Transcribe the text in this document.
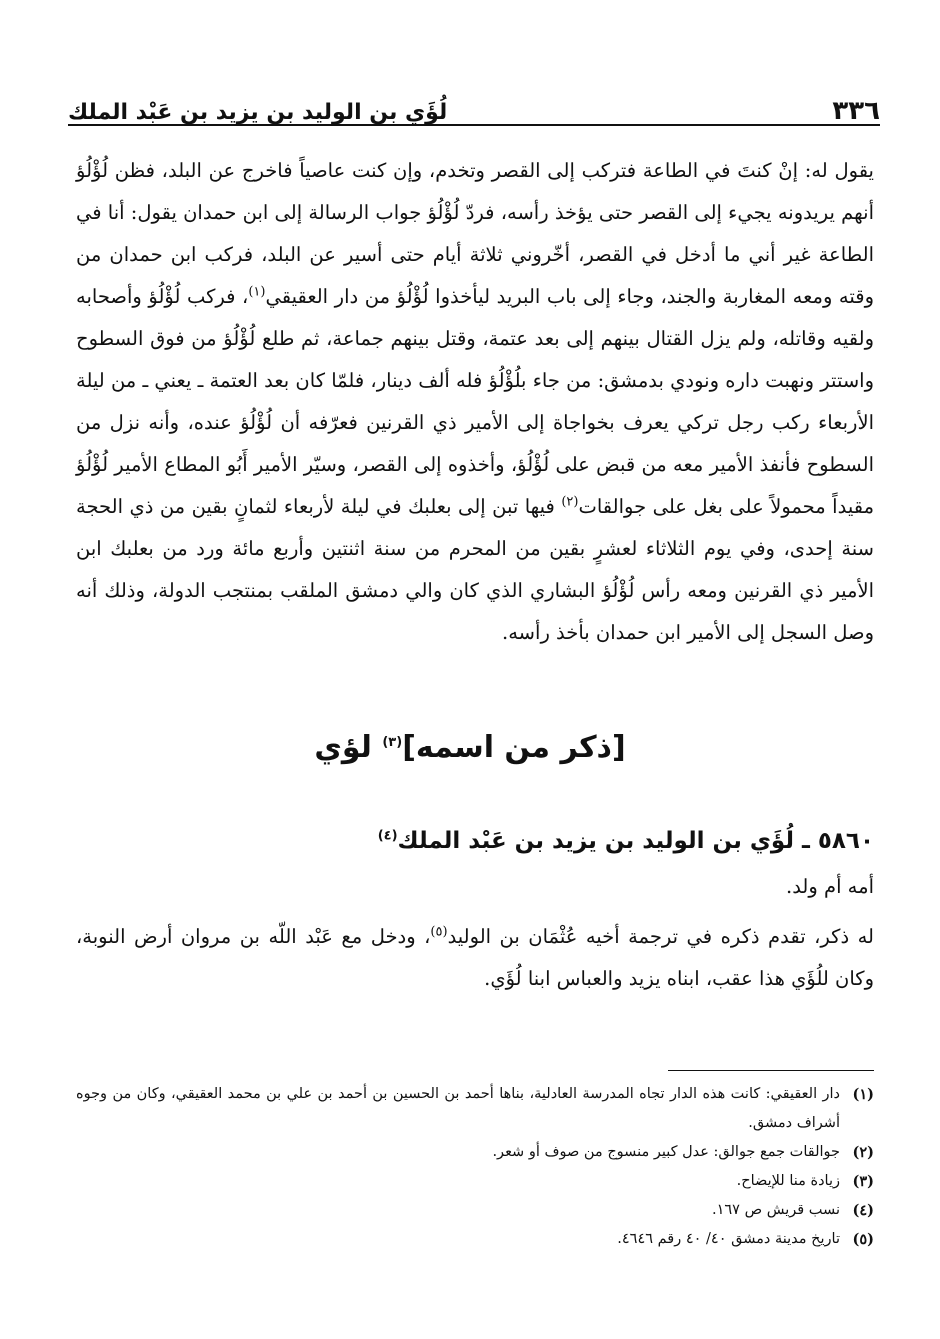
٣٣٦
لُؤَي بن الوليد بن يزيد بن عَبْد الملك

يقول له: إنْ كنتَ في الطاعة فتركب إلى القصر وتخدم، وإن كنت عاصياً فاخرج عن البلد، فظن لُؤْلُؤ أنهم يريدونه يجيء إلى القصر حتى يؤخذ رأسه، فردّ لُؤْلُؤ جواب الرسالة إلى ابن حمدان يقول: أنا في الطاعة غير أني ما أدخل في القصر، أخّروني ثلاثة أيام حتى أسير عن البلد، فركب ابن حمدان من وقته ومعه المغاربة والجند، وجاء إلى باب البريد ليأخذوا لُؤْلُؤ من دار العقيقي$^{(١)}$، فركب لُؤْلُؤ وأصحابه ولقيه وقاتله، ولم يزل القتال بينهم إلى بعد عتمة، وقتل بينهم جماعة، ثم طلع لُؤْلُؤ من فوق السطوح واستتر ونهبت داره ونودي بدمشق: من جاء بلُؤْلُؤ فله ألف دينار، فلمّا كان بعد العتمة ـ يعني ـ من ليلة الأربعاء ركب رجل تركي يعرف بخواجاة إلى الأمير ذي القرنين فعرّفه أن لُؤْلُؤ عنده، وأنه نزل من السطوح فأنفذ الأمير معه من قبض على لُؤْلُؤ، وأخذوه إلى القصر، وسيّر الأمير أَبُو المطاع الأمير لُؤْلُؤ مقيداً محمولاً على بغل على جوالقات$^{(٢)}$ فيها تبن إلى بعلبك في ليلة لأربعاء لثمانٍ بقين من ذي الحجة سنة إحدى، وفي يوم الثلاثاء لعشرٍ بقين من المحرم من سنة اثنتين وأربع مائة ورد من بعلبك ابن الأمير ذي القرنين ومعه رأس لُؤْلُؤ البشاري الذي كان والي دمشق الملقب بمنتجب الدولة، وذلك أنه وصل السجل إلى الأمير ابن حمدان بأخذ رأسه.

[ذكر من اسمه]$^{(٣)}$ لؤي
٥٨٦٠ ـ لُؤَي بن الوليد بن يزيد بن عَبْد الملك$^{(٤)}$

أمه أم ولد.

له ذكر، تقدم ذكره في ترجمة أخيه عُثْمَان بن الوليد$^{(٥)}$، ودخل مع عَبْد اللّه بن مروان أرض النوبة، وكان للُؤَي هذا عقب، ابناه يزيد والعباس ابنا لُؤَي.

(١)
دار العقيقي: كانت هذه الدار تجاه المدرسة العادلية، بناها أحمد بن الحسين بن أحمد بن علي بن محمد العقيقي، وكان من وجوه أشراف دمشق.
(٢)
جوالقات جمع جوالق: عدل كبير منسوج من صوف أو شعر.
(٣)
زيادة منا للإيضاح.
(٤)
نسب قريش ص ١٦٧.
(٥)
تاريخ مدينة دمشق ٤٠/ ٤٠ رقم ٤٦٤٦.
